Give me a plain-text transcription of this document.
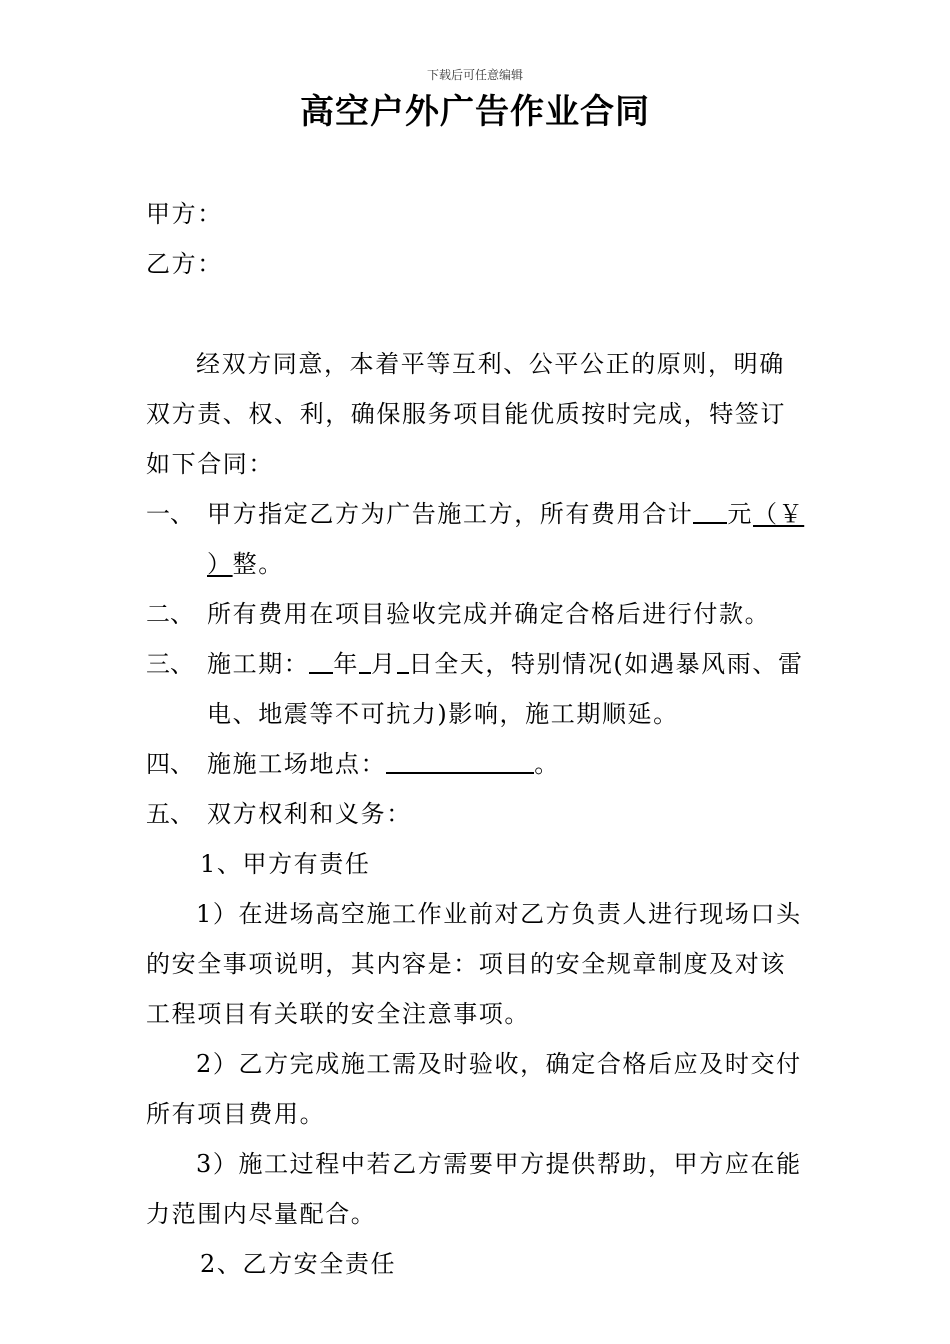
下载后可任意编辑
高空户外广告作业合同
甲方：
乙方：
经双方同意，本着平等互利、公平公正的原则，明确
双方责、权、利，确保服务项目能优质按时完成，特签订
如下合同：
一、 甲方指定乙方为广告施工方，所有费用合计 元（￥
）整。
二、 所有费用在项目验收完成并确定合格后进行付款。
三、 施工期： 年 月 日全天，特别情况(如遇暴风雨、雷
电、地震等不可抗力)影响，施工期顺延。
四、 施施工场地点：	。
五、 双方权利和义务：
1、甲方有责任
1）在进场高空施工作业前对乙方负责人进行现场口头
的安全事项说明，其内容是：项目的安全规章制度及对该
工程项目有关联的安全注意事项。
2）乙方完成施工需及时验收，确定合格后应及时交付
所有项目费用。
3）施工过程中若乙方需要甲方提供帮助，甲方应在能
力范围内尽量配合。
2、乙方安全责任
